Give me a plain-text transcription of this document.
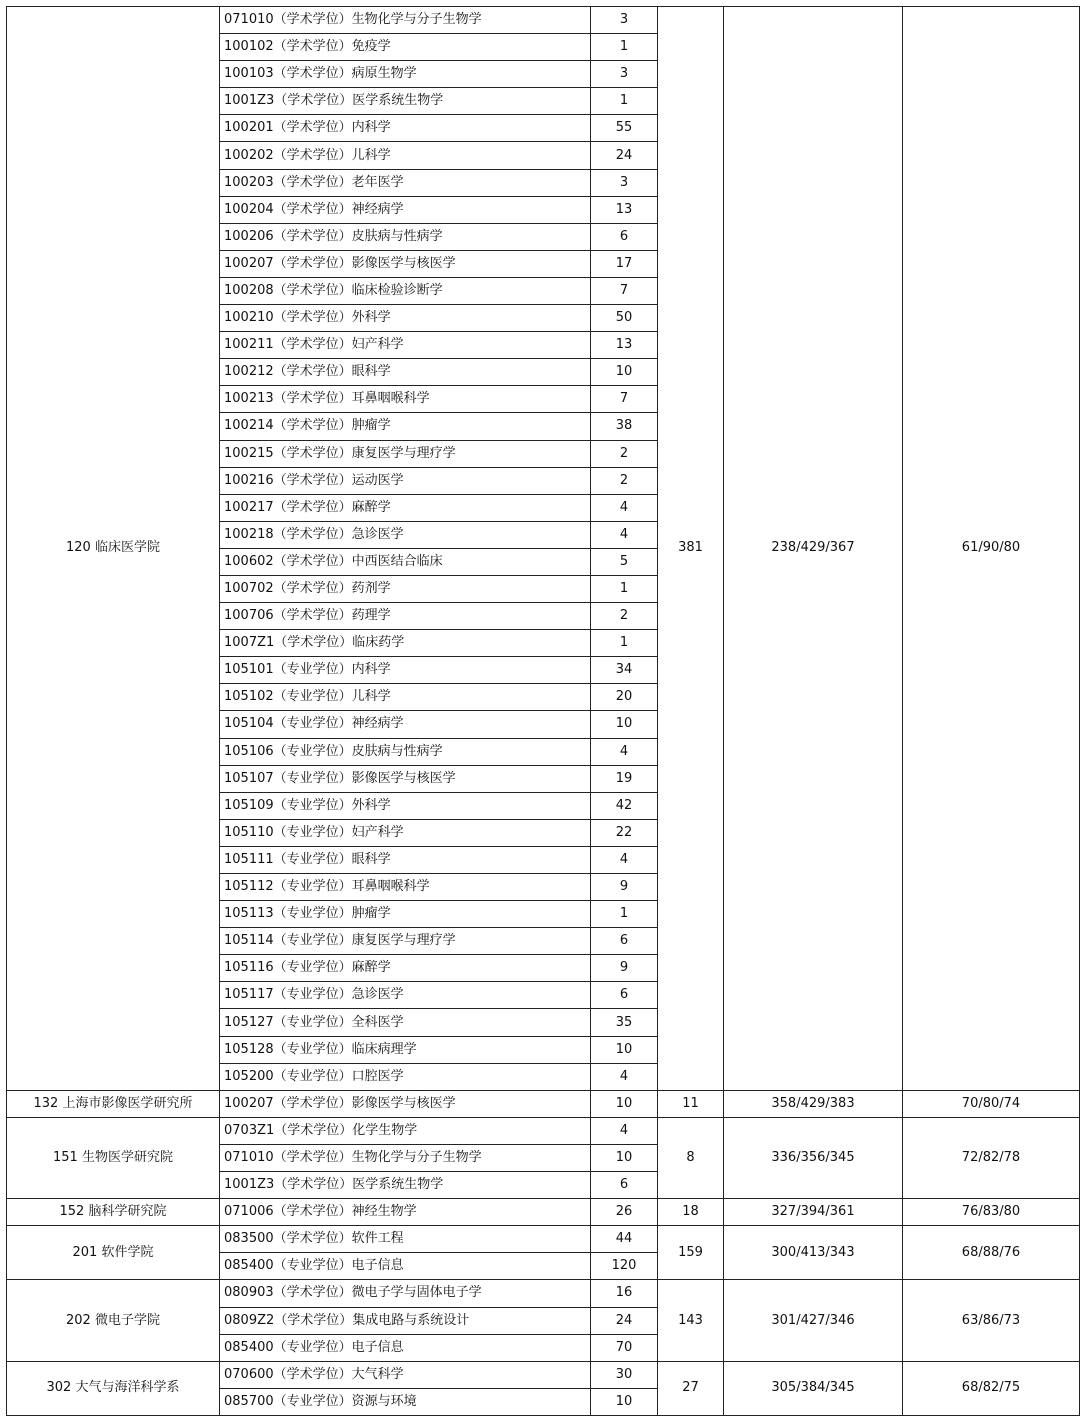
120 临床医学院	071010（学术学位）生物化学与分子生物学	3	381	238/429/367	61/90/80
	100102（学术学位）免疫学	1			
	100103（学术学位）病原生物学	3			
	1001Z3（学术学位）医学系统生物学	1			
	100201（学术学位）内科学	55			
	100202（学术学位）儿科学	24			
	100203（学术学位）老年医学	3			
	100204（学术学位）神经病学	13			
	100206（学术学位）皮肤病与性病学	6			
	100207（学术学位）影像医学与核医学	17			
	100208（学术学位）临床检验诊断学	7			
	100210（学术学位）外科学	50			
	100211（学术学位）妇产科学	13			
	100212（学术学位）眼科学	10			
	100213（学术学位）耳鼻咽喉科学	7			
	100214（学术学位）肿瘤学	38			
	100215（学术学位）康复医学与理疗学	2			
	100216（学术学位）运动医学	2			
	100217（学术学位）麻醉学	4			
	100218（学术学位）急诊医学	4			
	100602（学术学位）中西医结合临床	5			
	100702（学术学位）药剂学	1			
	100706（学术学位）药理学	2			
	1007Z1（学术学位）临床药学	1			
	105101（专业学位）内科学	34			
	105102（专业学位）儿科学	20			
	105104（专业学位）神经病学	10			
	105106（专业学位）皮肤病与性病学	4			
	105107（专业学位）影像医学与核医学	19			
	105109（专业学位）外科学	42			
	105110（专业学位）妇产科学	22			
	105111（专业学位）眼科学	4			
	105112（专业学位）耳鼻咽喉科学	9			
	105113（专业学位）肿瘤学	1			
	105114（专业学位）康复医学与理疗学	6			
	105116（专业学位）麻醉学	9			
	105117（专业学位）急诊医学	6			
	105127（专业学位）全科医学	35			
	105128（专业学位）临床病理学	10			
	105200（专业学位）口腔医学	4			
132 上海市影像医学研究所	100207（学术学位）影像医学与核医学	10	11	358/429/383	70/80/74
151 生物医学研究院	0703Z1（学术学位）化学生物学	4	8	336/356/345	72/82/78
	071010（学术学位）生物化学与分子生物学	10			
	1001Z3（学术学位）医学系统生物学	6			
152 脑科学研究院	071006（学术学位）神经生物学	26	18	327/394/361	76/83/80
201 软件学院	083500（学术学位）软件工程	44	159	300/413/343	68/88/76
	085400（专业学位）电子信息	120			
202 微电子学院	080903（学术学位）微电子学与固体电子学	16	143	301/427/346	63/86/73
	0809Z2（学术学位）集成电路与系统设计	24			
	085400（专业学位）电子信息	70			
302 大气与海洋科学系	070600（学术学位）大气科学	30	27	305/384/345	68/82/75
	085700（专业学位）资源与环境	10			
